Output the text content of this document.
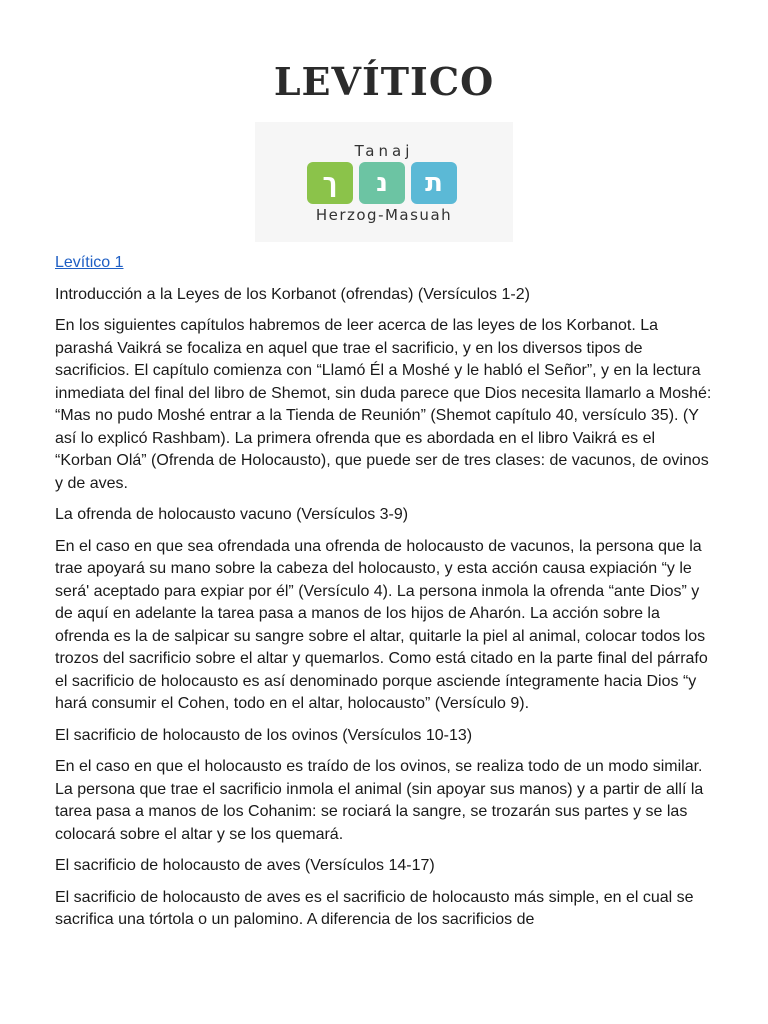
LEVÍTICO
Tanaj
ך	נ	ת
Herzog-Masuah

Levítico 1

Introducción a la Leyes de los Korbanot (ofrendas) (Versículos 1-2)

En los siguientes capítulos habremos de leer acerca de las leyes de los Korbanot. La parashá Vaikrá se focaliza en aquel que trae el sacrificio, y en los diversos tipos de sacrificios. El capítulo comienza con “Llamó Él a Moshé y le habló el Señor”, y en la lectura inmediata del final del libro de Shemot, sin duda parece que Dios necesita llamarlo a Moshé: “Mas no pudo Moshé entrar a la Tienda de Reunión” (Shemot capítulo 40, versículo 35). (Y así lo explicó Rashbam). La primera ofrenda que es abordada en el libro Vaikrá es el “Korban Olá” (Ofrenda de Holocausto), que puede ser de tres clases: de vacunos, de ovinos y de aves.

La ofrenda de holocausto vacuno (Versículos 3-9)

En el caso en que sea ofrendada una ofrenda de holocausto de vacunos, la persona que la trae apoyará su mano sobre la cabeza del holocausto, y esta acción causa expiación “y le será' aceptado para expiar por él” (Versículo 4). La persona inmola la ofrenda “ante Dios” y de aquí en adelante la tarea pasa a manos de los hijos de Aharón. La acción sobre la ofrenda es la de salpicar su sangre sobre el altar, quitarle la piel al animal, colocar todos los trozos del sacrificio sobre el altar y quemarlos. Como está citado en la parte final del párrafo el sacrificio de holocausto es así denominado porque asciende íntegramente hacia Dios “y hará consumir el Cohen, todo en el altar, holocausto” (Versículo 9).

El sacrificio de holocausto de los ovinos (Versículos 10-13)

En el caso en que el holocausto es traído de los ovinos, se realiza todo de un modo similar. La persona que trae el sacrificio inmola el animal (sin apoyar sus manos) y a partir de allí la tarea pasa a manos de los Cohanim: se rociará la sangre, se trozarán sus partes y se las colocará sobre el altar y se los quemará.

El sacrificio de holocausto de aves (Versículos 14-17)

El sacrificio de holocausto de aves es el sacrificio de holocausto más simple, en el cual se sacrifica una tórtola o un palomino. A diferencia de los sacrificios de
